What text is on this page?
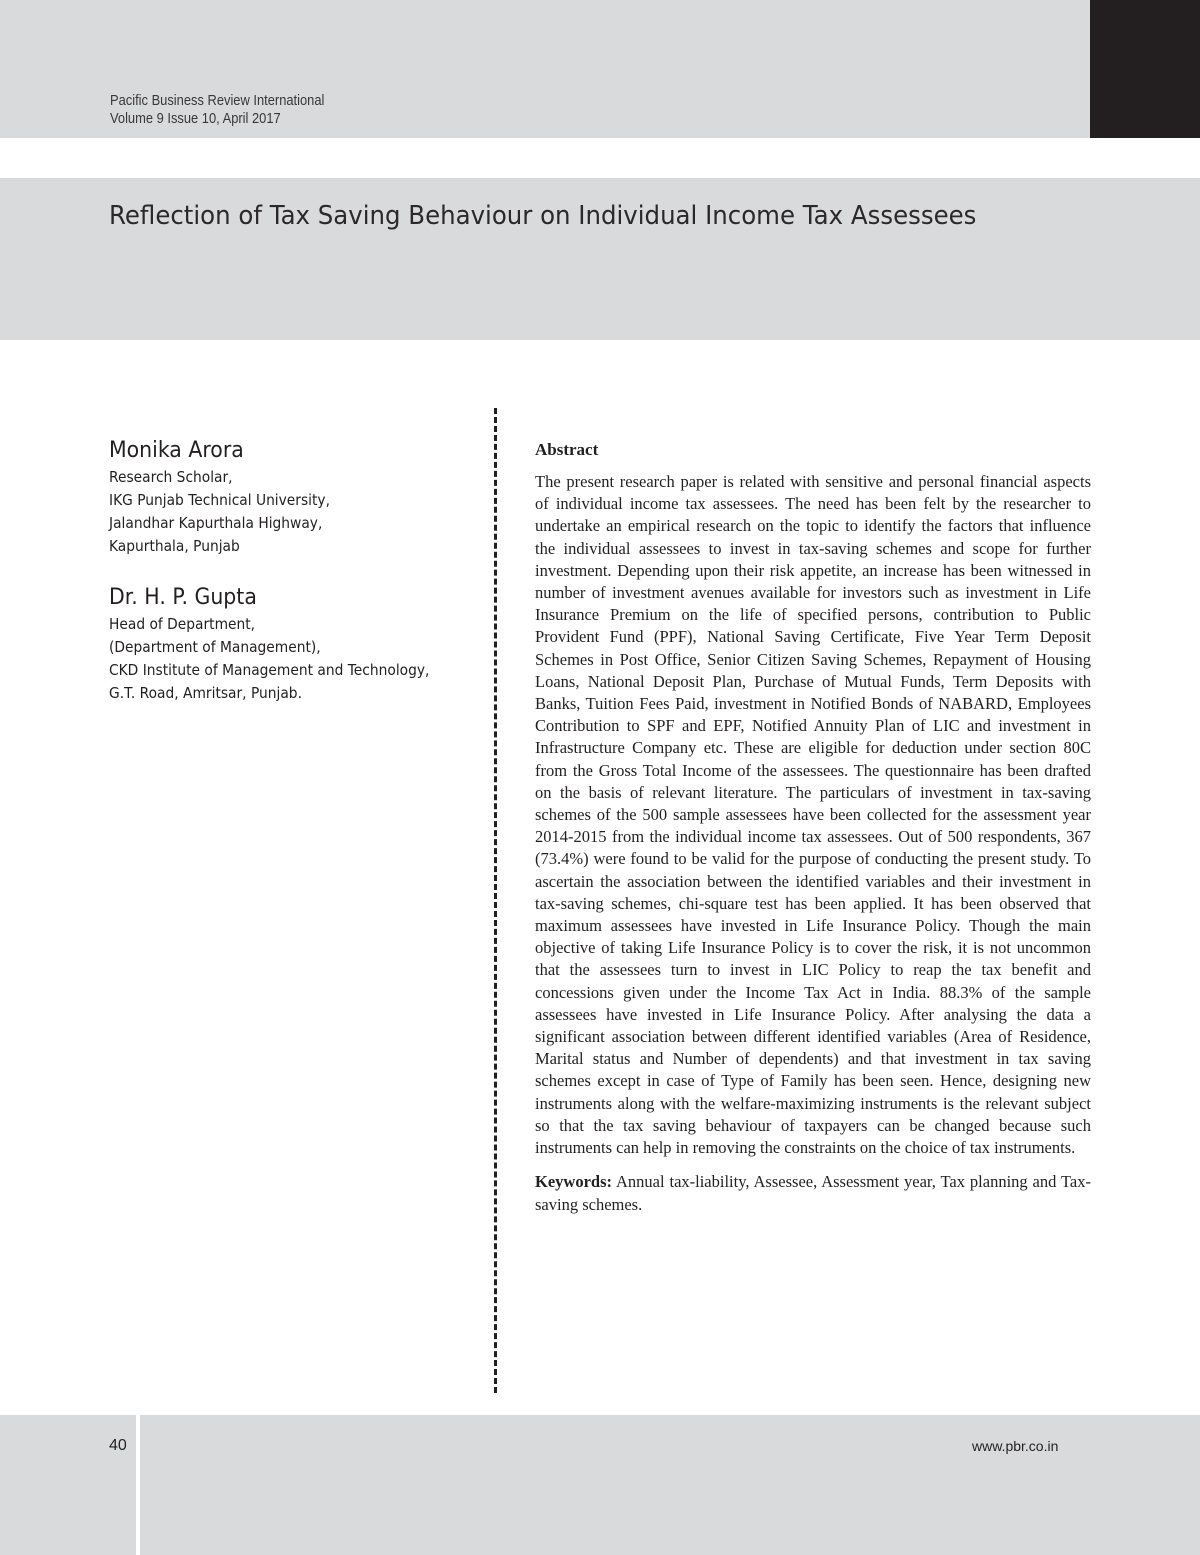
Pacific Business Review International
Volume 9 Issue 10, April 2017
Reflection of Tax Saving Behaviour on Individual Income Tax Assessees
Monika Arora
Research Scholar,
IKG Punjab Technical University,
Jalandhar Kapurthala Highway,
Kapurthala, Punjab
Dr. H. P. Gupta
Head of Department,
(Department of Management),
CKD Institute of Management and Technology,
G.T. Road, Amritsar, Punjab.
Abstract

The present research paper is related with sensitive and personal financial aspects of individual income tax assessees. The need has been felt by the researcher to undertake an empirical research on the topic to identify the factors that influence the individual assessees to invest in tax-saving schemes and scope for further investment. Depending upon their risk appetite, an increase has been witnessed in number of investment avenues available for investors such as investment in Life Insurance Premium on the life of specified persons, contribution to Public Provident Fund (PPF), National Saving Certificate, Five Year Term Deposit Schemes in Post Office, Senior Citizen Saving Schemes, Repayment of Housing Loans, National Deposit Plan, Purchase of Mutual Funds, Term Deposits with Banks, Tuition Fees Paid, investment in Notified Bonds of NABARD, Employees Contribution to SPF and EPF, Notified Annuity Plan of LIC and investment in Infrastructure Company etc. These are eligible for deduction under section 80C from the Gross Total Income of the assessees. The questionnaire has been drafted on the basis of relevant literature. The particulars of investment in tax-saving schemes of the 500 sample assessees have been collected for the assessment year 2014-2015 from the individual income tax assessees. Out of 500 respondents, 367 (73.4%) were found to be valid for the purpose of conducting the present study. To ascertain the association between the identified variables and their investment in tax-saving schemes, chi-square test has been applied. It has been observed that maximum assessees have invested in Life Insurance Policy. Though the main objective of taking Life Insurance Policy is to cover the risk, it is not uncommon that the assessees turn to invest in LIC Policy to reap the tax benefit and concessions given under the Income Tax Act in India. 88.3% of the sample assessees have invested in Life Insurance Policy. After analysing the data a significant association between different identified variables (Area of Residence, Marital status and Number of dependents) and that investment in tax saving schemes except in case of Type of Family has been seen. Hence, designing new instruments along with the welfare-maximizing instruments is the relevant subject so that the tax saving behaviour of taxpayers can be changed because such instruments can help in removing the constraints on the choice of tax instruments.

Keywords: Annual tax-liability, Assessee, Assessment year, Tax planning and Tax-saving schemes.

40	www.pbr.co.in
